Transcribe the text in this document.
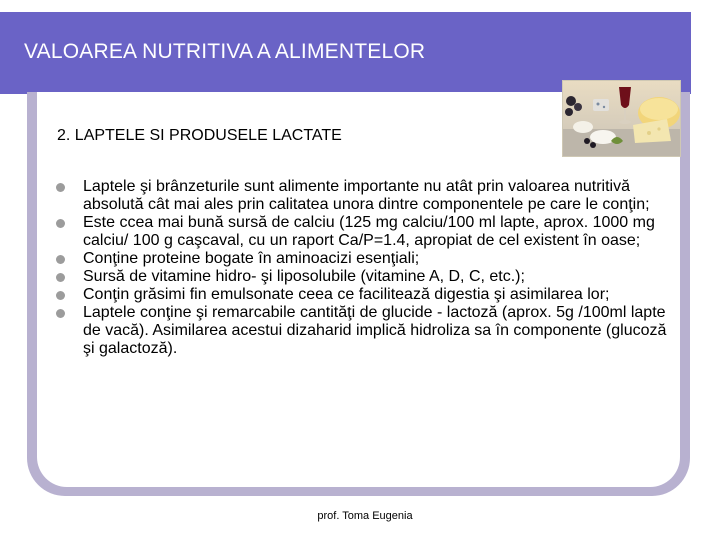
VALOAREA NUTRITIVA A ALIMENTELOR
2. LAPTELE SI PRODUSELE LACTATE
Laptele şi brânzeturile sunt alimente importante nu atât prin valoarea nutritivă absolută cât mai ales prin calitatea unora dintre componentele pe care le conţin;
Este ccea mai bună sursă de calciu (125 mg calciu/100 ml lapte, aprox. 1000 mg calciu/ 100 g caşcaval, cu un raport Ca/P=1.4, apropiat de cel existent în oase;
Conţine proteine bogate în aminoacizi esenţiali;
Sursă de vitamine hidro- şi liposolubile (vitamine A, D, C, etc.);
Conţin grăsimi fin emulsonate ceea ce facilitează digestia şi asimilarea lor;
Laptele conţine şi remarcabile cantităţi de glucide - lactoză (aprox. 5g /100ml lapte de vacă). Asimilarea acestui dizaharid implică hidroliza sa în componente (glucoză şi galactoză).
prof. Toma Eugenia
